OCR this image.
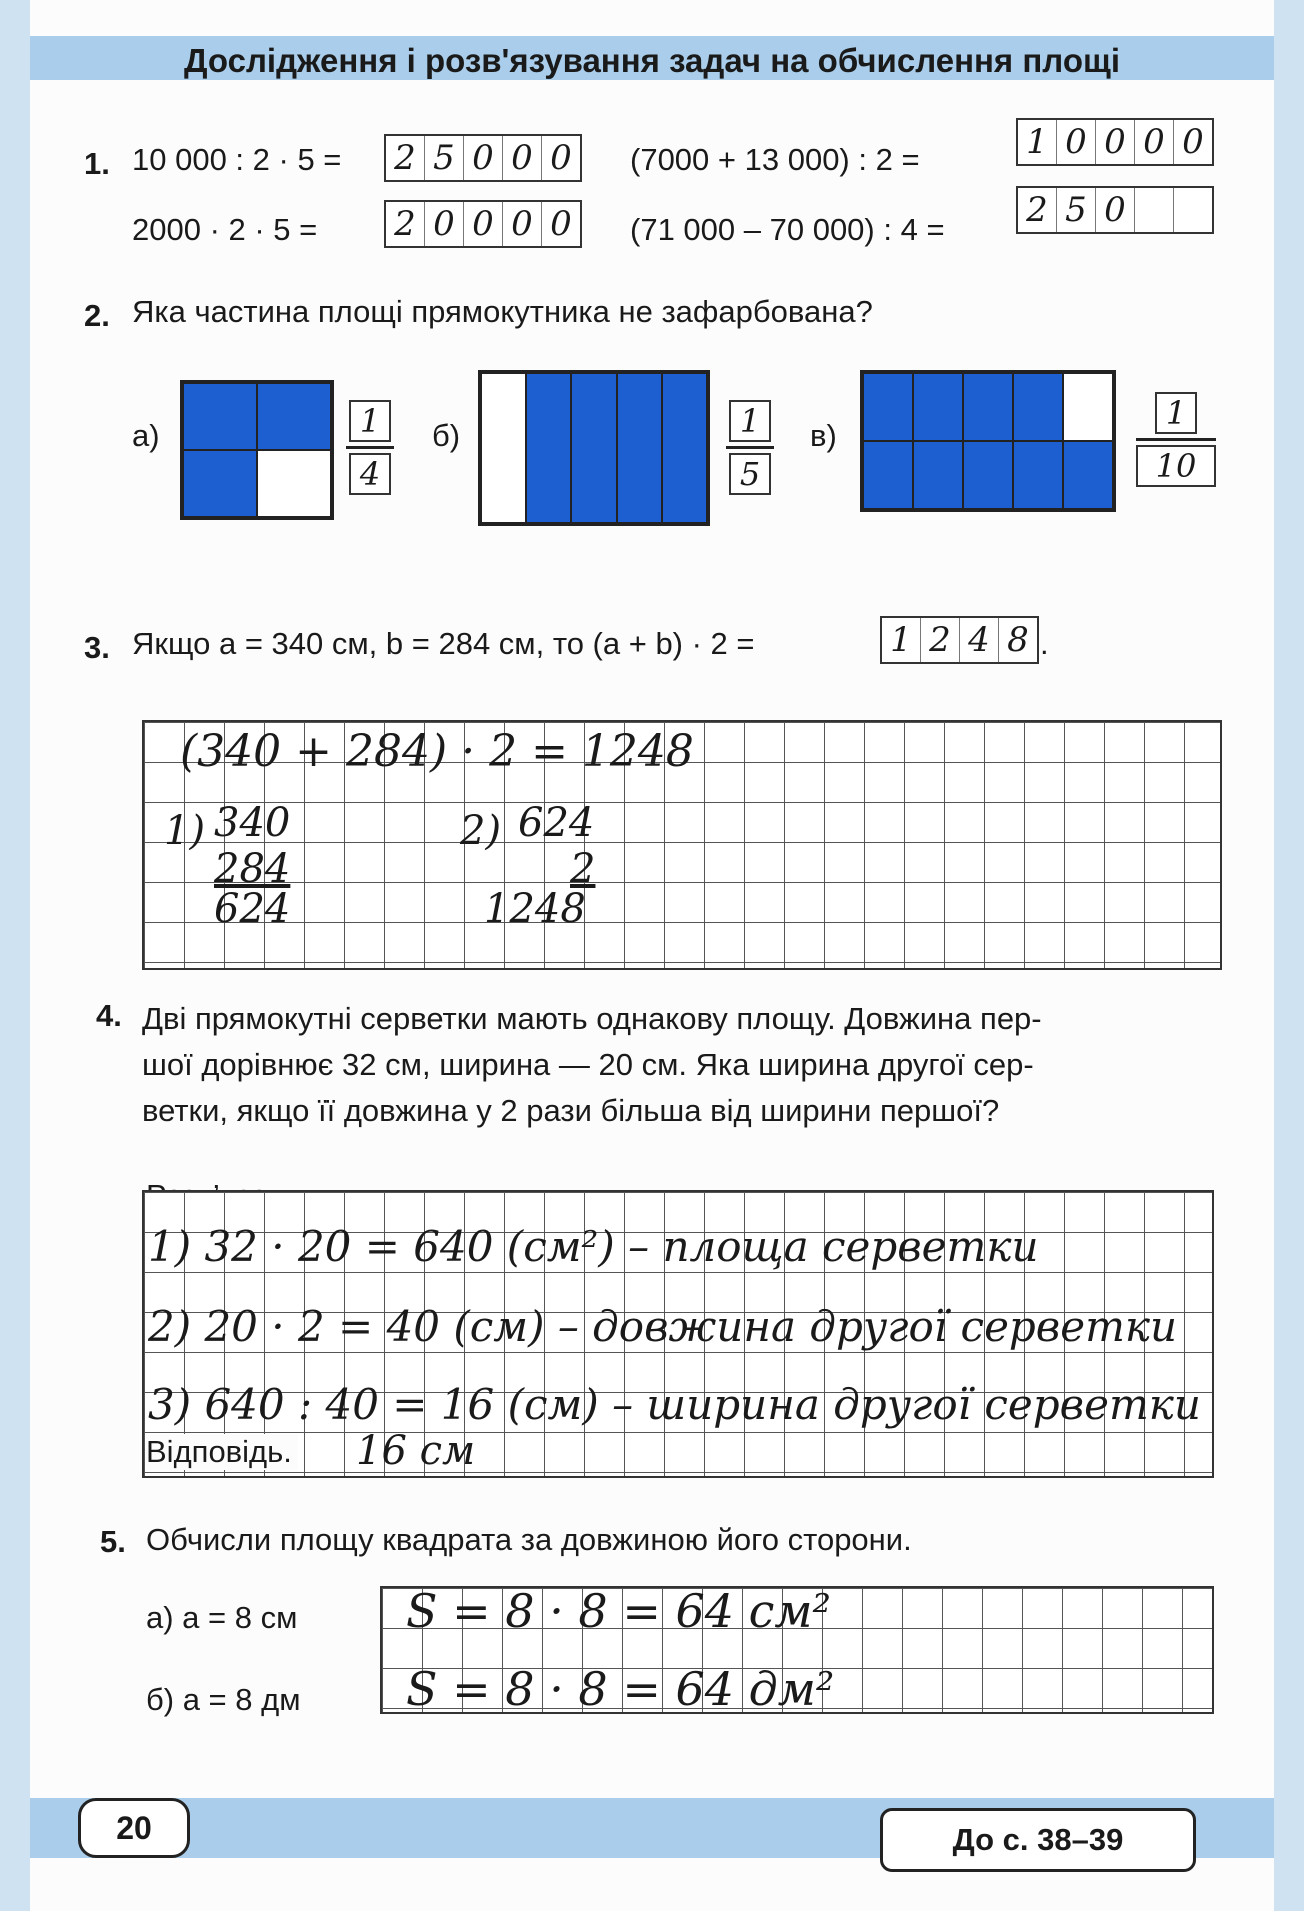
Дослідження і розв'язування задач на обчислення площі
1. 10 000 : 2 · 5 = 2 5 0 0 0 (7000 + 13 000) : 2 =	1 0 0 0 0
2000 · 2 · 5 = 2 0 0 0 0 (71 000 – 70 000) : 4 = 2 5 0
2. Яка частина площі прямокутника не зафарбована?
а)	$\frac{1}{4} б$)	$\frac{1}{5} в$)	$\frac{1}{10}$
3. Якщо a = 340 см, b = 284 см, то (a + b) · 2 =	1 2 4 8 .
(340 + 284) · 2 = 1248
1) 340
284
624
2) 624
2
1248
4. Дві прямокутні серветки мають однакову площу. Довжина пер-
шої дорівнює 32 см, ширина — 20 см. Яка ширина другої сер-
ветки, якщо її довжина у 2 рази більша від ширини першої?
1) 32 · 20 = 640 (см²) – площа серветки
2) 20 · 2 = 40 (см) – довжина другої серветки
3) 640 : 40 = 16 (см) – ширина другої серветки
Відповідь. 16 см
5. Обчисли площу квадрата за довжиною його сторони.
а) a = 8 см S = 8 · 8 = 64 см²
б) a = 8 дм S = 8 · 8 = 64 дм²
20	До с. 38–39
